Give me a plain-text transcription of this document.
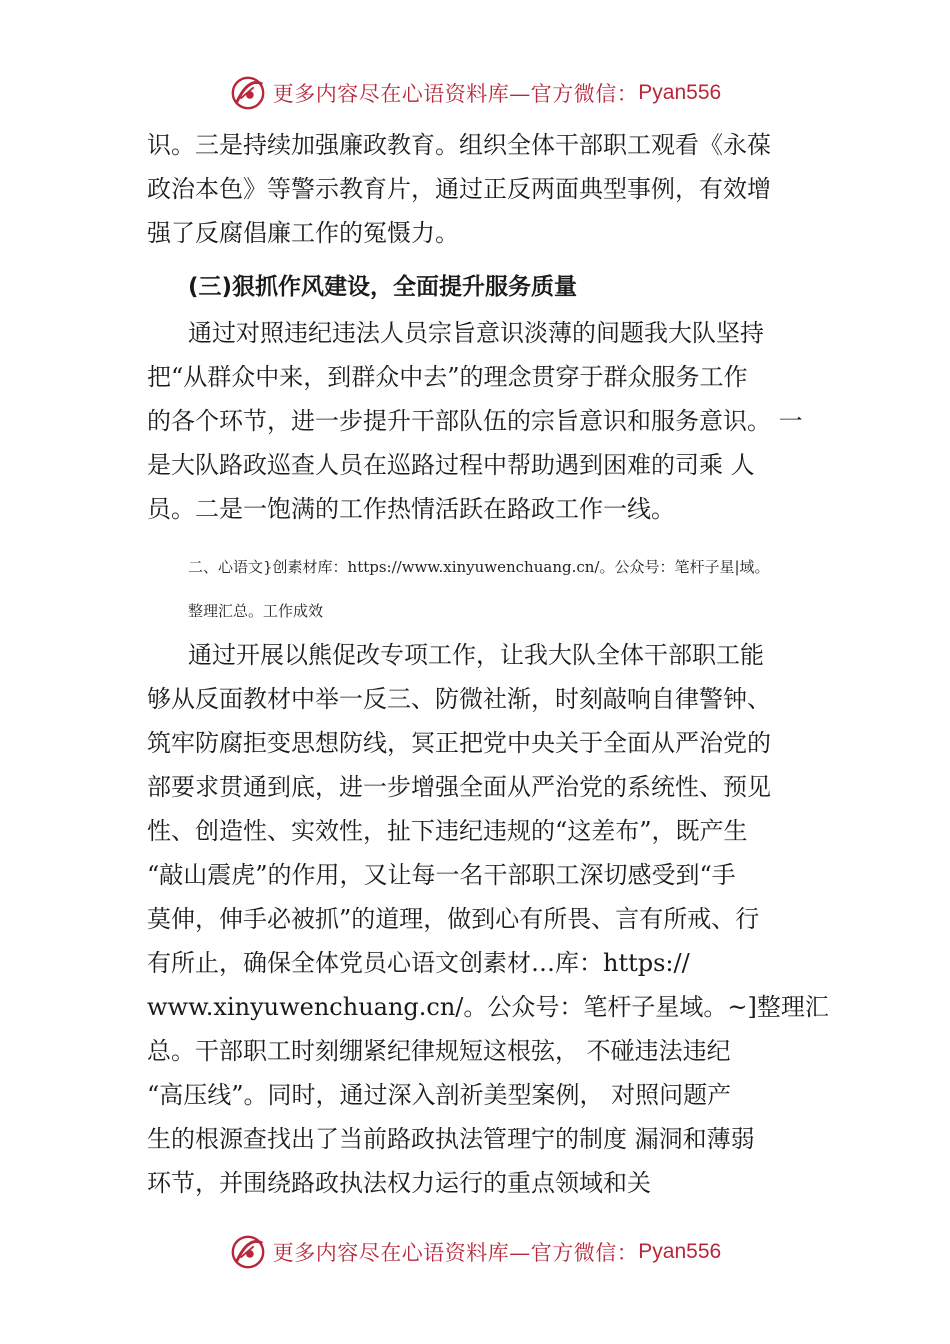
更多内容尽在心语资料库—官方微信： Pyan556
识。三是持续加强廉政教育。组织全体干部职工观看《永葆
政治本色》等警示教育片，通过正反两面典型事例，有效增
强了反腐倡廉工作的冤慑力。
(三)狠抓作风建设，全面提升服务质量
通过对照违纪违法人员宗旨意识淡薄的间题我大队坚持
把“从群众中来，到群众中去”的理念贯穿于群众服务工作
的各个环节，进一步提升干部队伍的宗旨意识和服务意识。 一
是大队路政巡查人员在巡路过程中帮助遇到困难的司乘 人
员。二是一饱满的工作热情活跃在路政工作一线。
二、心语文}创素材库：https://www.xinyuwenchuang.cn/。公众号：笔杆子星|域。
整理汇总。工作成效
通过开展以熊促改专项工作，让我大队全体干部职工能
够从反面教材中举一反三、防微社渐，时刻敲响自律警钟、
筑牢防腐拒变思想防线，冥正把党中央关于全面从严治党的
部要求贯通到底，进一步增强全面从严治党的系统性、预见
性、创造性、实效性，扯下违纪违规的“这差布”，既产生
“敲山震虎”的作用，又让每一名干部职工深切感受到“手
莫伸，伸手必被抓”的道理，做到心有所畏、言有所戒、行
有所止，确保全体党员心语文创素材…库：https://
www.xinyuwenchuang.cn/。公众号：笔杆子星域。~]整理汇
总。干部职工时刻绷紧纪律规短这根弦， 不碰违法违纪
“高压线”。同时，通过深入剖祈美型案例， 对照问题产
生的根源查找出了当前路政执法管理宁的制度 漏洞和薄弱
环节，并围绕路政执法权力运行的重点领域和关
更多内容尽在心语资料库—官方微信： Pyan556
